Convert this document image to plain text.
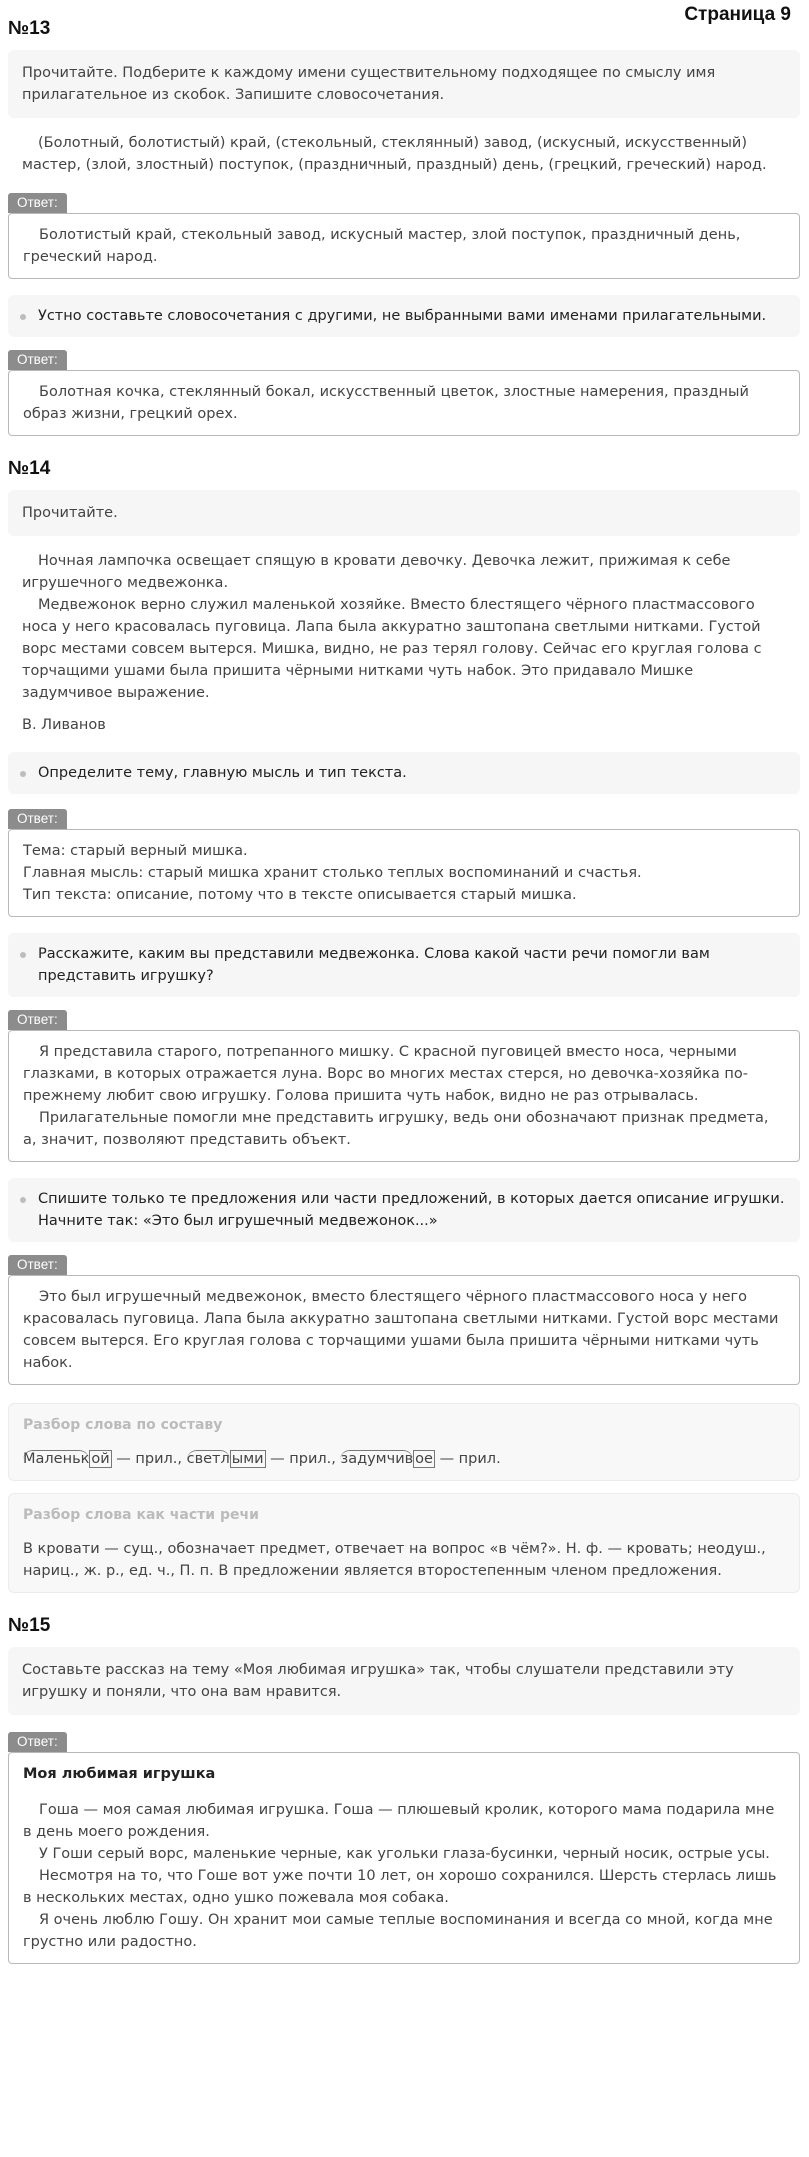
Страница 9
№13
Прочитайте. Подберите к каждому имени существительному подходящее по смыслу имя прилагательное из скобок. Запишите словосочетания.

(Болотный, болотистый) край, (стекольный, стеклянный) завод, (искусный, искусственный) мастер, (злой, злостный) поступок, (праздничный, праздный) день, (грецкий, греческий) народ.

Ответ:

Болотистый край, стекольный завод, искусный мастер, злой поступок, праздничный день, греческий народ.

Устно составьте словосочетания с другими, не выбранными вами именами прилагательными.
Ответ:

Болотная кочка, стеклянный бокал, искусственный цветок, злостные намерения, праздный образ жизни, грецкий орех.

№14
Прочитайте.

Ночная лампочка освещает спящую в кровати девочку. Девочка лежит, прижимая к себе игрушечного медвежонка.

Медвежонок верно служил маленькой хозяйке. Вместо блестящего чёрного пластмассового носа у него красовалась пуговица. Лапа была аккуратно заштопана светлыми нитками. Густой ворс местами совсем вытерся. Мишка, видно, не раз терял голову. Сейчас его круглая голова с торчащими ушами была пришита чёрными нитками чуть набок. Это придавало Мишке задумчивое выражение.

В. Ливанов

Определите тему, главную мысль и тип текста.
Ответ:

Тема: старый верный мишка.

Главная мысль: старый мишка хранит столько теплых воспоминаний и счастья.

Тип текста: описание, потому что в тексте описывается старый мишка.

Расскажите, каким вы представили медвежонка. Слова какой части речи помогли вам представить игрушку?
Ответ:

Я представила старого, потрепанного мишку. С красной пуговицей вместо носа, черными глазками, в которых отражается луна. Ворс во многих местах стерся, но девочка-хозяйка по-прежнему любит свою игрушку. Голова пришита чуть набок, видно не раз отрывалась.

Прилагательные помогли мне представить игрушку, ведь они обозначают признак предмета, а, значит, позволяют представить объект.

Спишите только те предложения или части предложений, в которых дается описание игрушки. Начните так: «Это был игрушечный медвежонок...»
Ответ:

Это был игрушечный медвежонок, вместо блестящего чёрного пластмассового носа у него красовалась пуговица. Лапа была аккуратно заштопана светлыми нитками. Густой ворс местами совсем вытерся. Его круглая голова с торчащими ушами была пришита чёрными нитками чуть набок.

Разбор слова по составу
Маленьк ой — прил., светл ыми — прил., задумчив ое — прил.
Разбор слова как части речи
В кровати — сущ., обозначает предмет, отвечает на вопрос «в чём?». Н. ф. — кровать; неодуш., нариц., ж. р., ед. ч., П. п. В предложении является второстепенным членом предложения.
№15
Составьте рассказ на тему «Моя любимая игрушка» так, чтобы слушатели представили эту игрушку и поняли, что она вам нравится.
Ответ:

Моя любимая игрушка

Гоша — моя самая любимая игрушка. Гоша — плюшевый кролик, которого мама подарила мне в день моего рождения.

У Гоши серый ворс, маленькие черные, как угольки глаза-бусинки, черный носик, острые усы.

Несмотря на то, что Гоше вот уже почти 10 лет, он хорошо сохранился. Шерсть стерлась лишь в нескольких местах, одно ушко пожевала моя собака.

Я очень люблю Гошу. Он хранит мои самые теплые воспоминания и всегда со мной, когда мне грустно или радостно.
